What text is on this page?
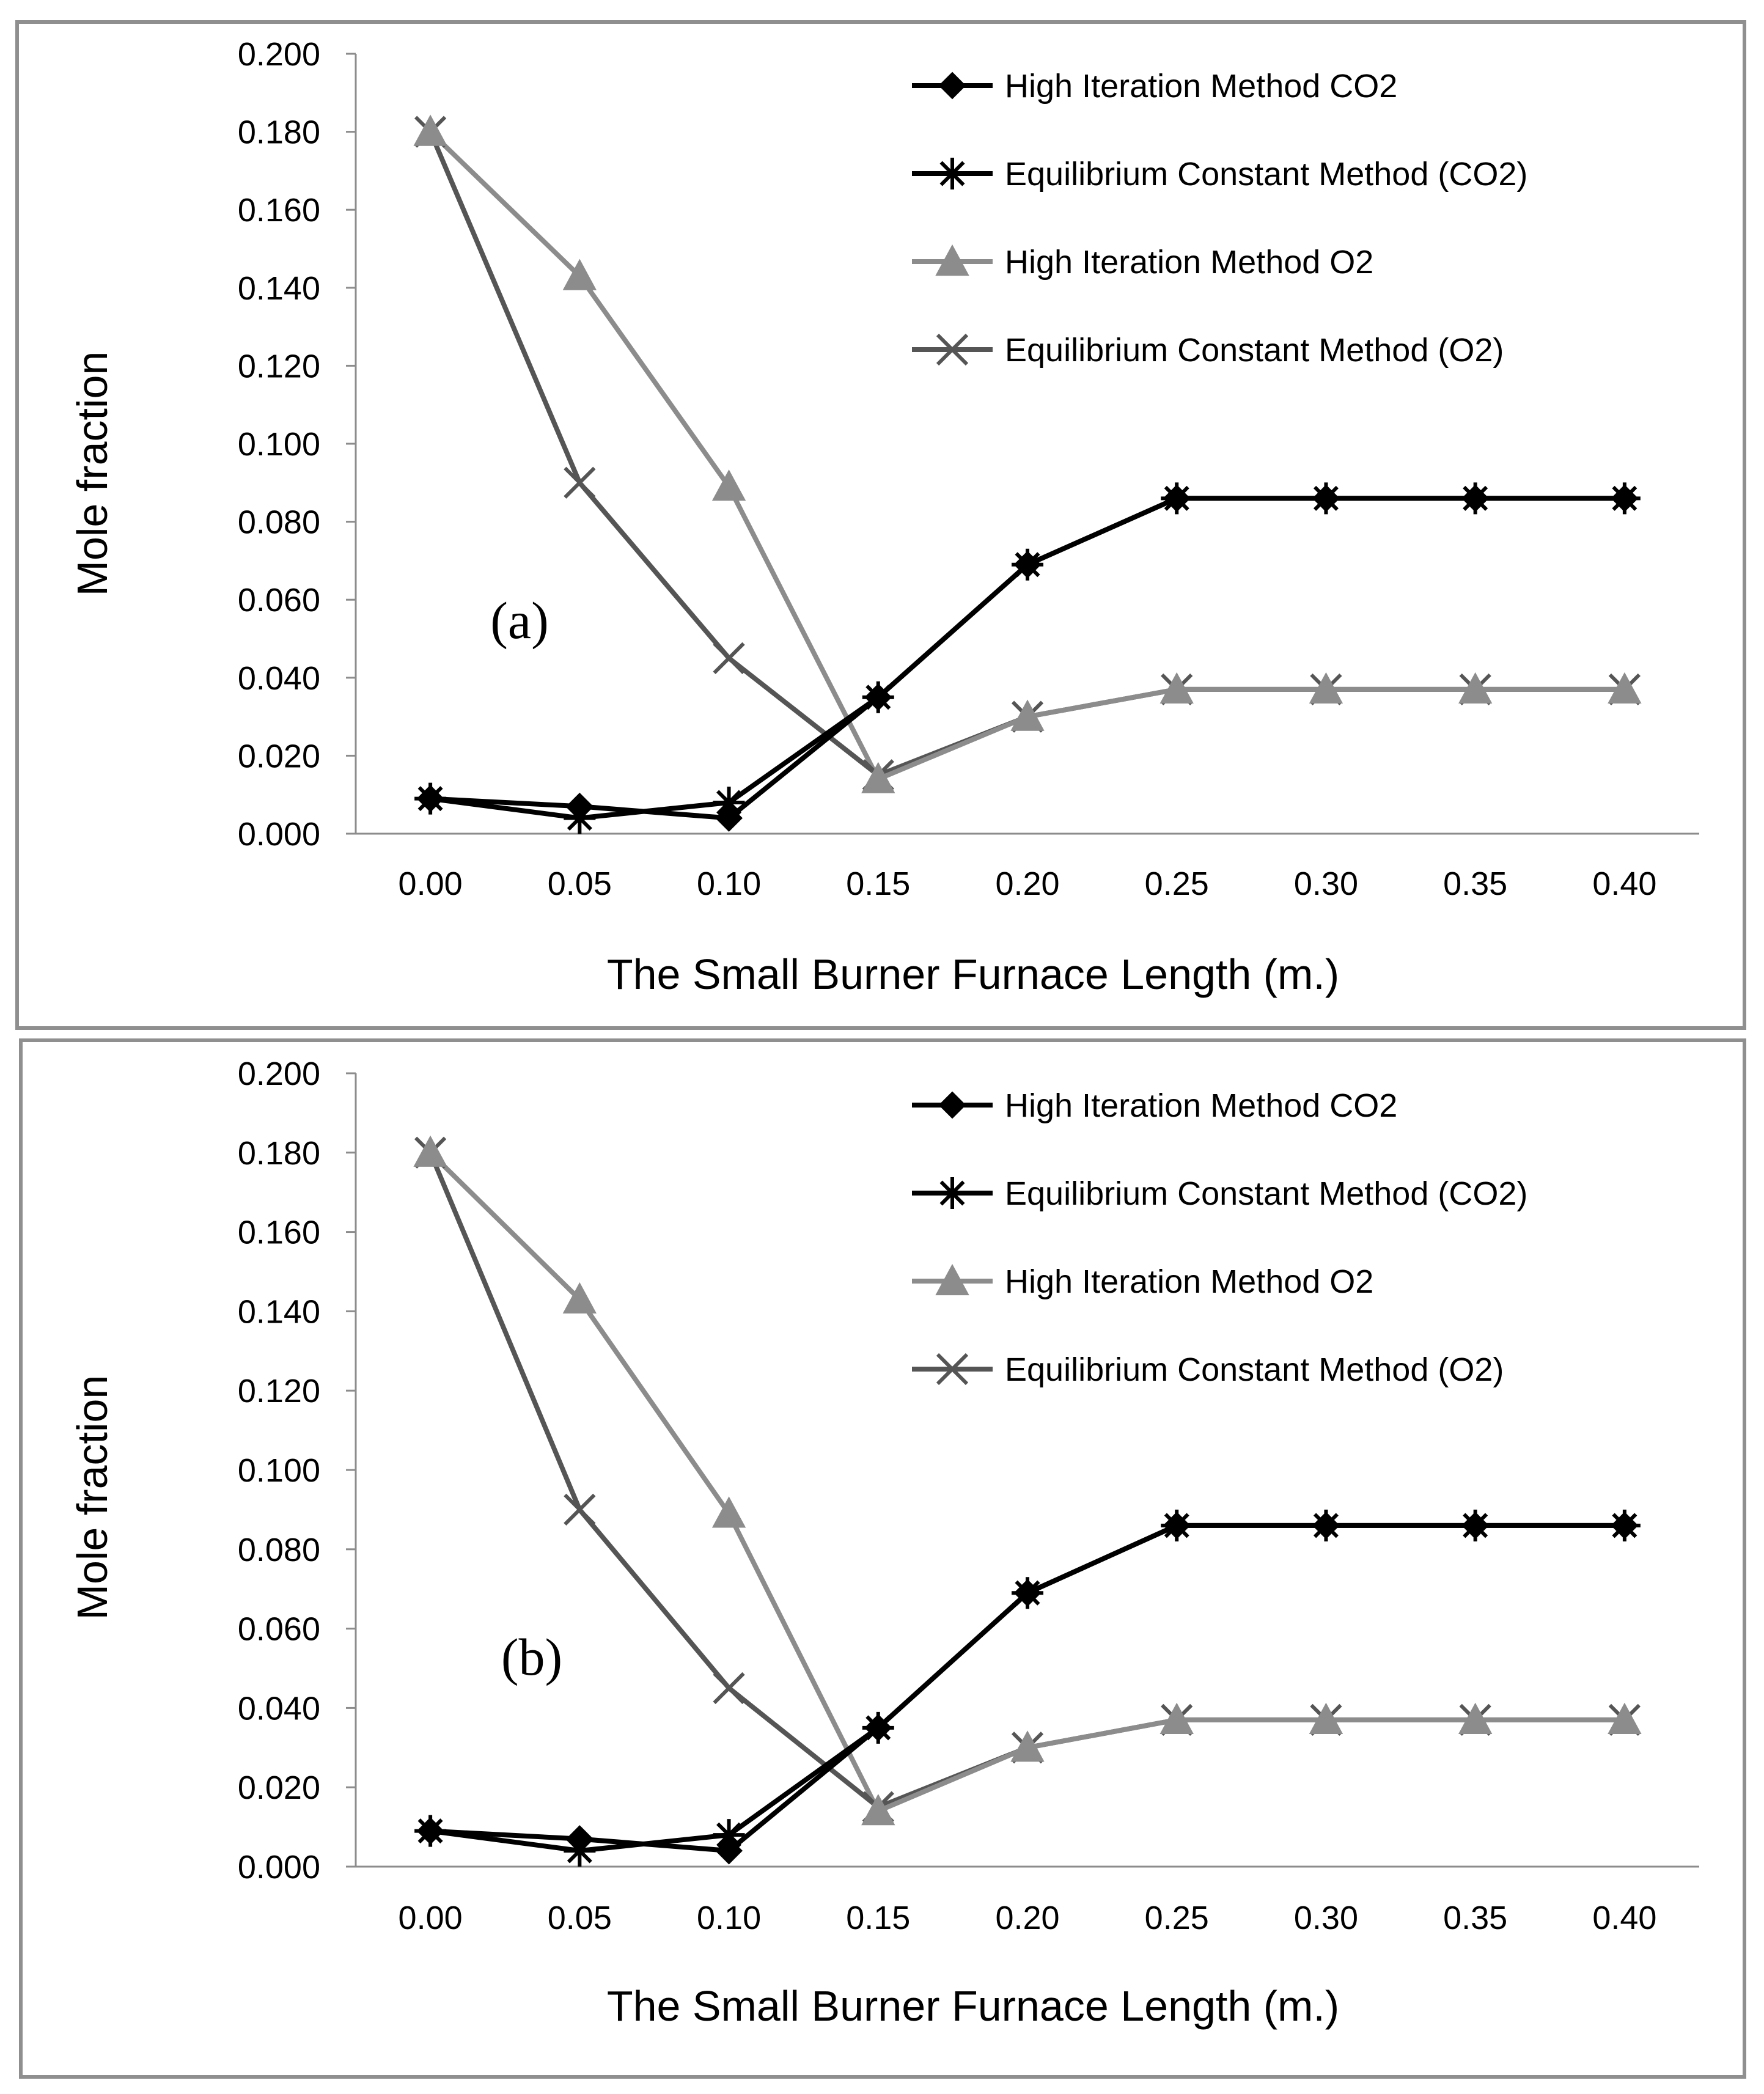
Mole fraction
The Small Burner Furnace Length (m.)
(a)
0.000
0.020
0.040
0.060
0.080
0.100
0.120
0.140
0.160
0.180
0.200
0.00	0.05	0.10	0.15	0.20	0.25	0.30	0.35	0.40
High Iteration Method CO2
Equilibrium Constant Method (CO2)
High Iteration Method O2
Equilibrium Constant Method (O2)
Mole fraction
The Small Burner Furnace Length (m.)
(b)
0.000
0.020
0.040
0.060
0.080
0.100
0.120
0.140
0.160
0.180
0.200
0.00	0.05	0.10	0.15	0.20	0.25	0.30	0.35	0.40
High Iteration Method CO2
Equilibrium Constant Method (CO2)
High Iteration Method O2
Equilibrium Constant Method (O2)
